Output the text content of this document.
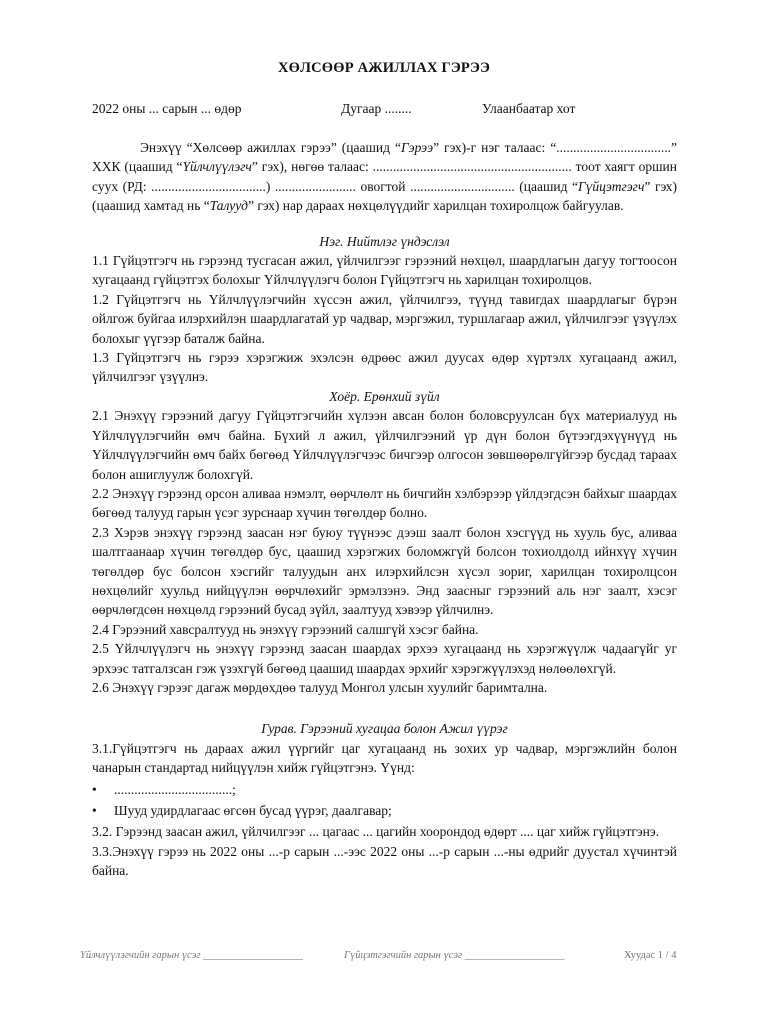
ХӨЛСӨӨР АЖИЛЛАХ ГЭРЭЭ
2022 оны ... сарын ... өдөр	Дугаар ........	Улаанбаатар хот

Энэхүү “Хөлсөөр ажиллах гэрээ” (цаашид “Гэрээ” гэх)-г нэг талаас: “..................................” ХХК (цаашид “Үйлчлүүлэгч” гэх), нөгөө талаас: ........................................................... тоот хаягт оршин суух (РД: ..................................) ........................ овогтой ............................... (цаашид “Гүйцэтгэгч” гэх) (цаашид хамтад нь “Талууд” гэх) нар дараах нөхцөлүүдийг харилцан тохиролцож байгуулав.

Нэг. Нийтлэг үндэслэл

1.1 Гүйцэтгэгч нь гэрээнд тусгасан ажил, үйлчилгээг гэрээний нөхцөл, шаардлагын дагуу тогтоосон хугацаанд гүйцэтгэх болохыг Үйлчлүүлэгч болон Гүйцэтгэгч нь харилцан тохиролцов.

1.2 Гүйцэтгэгч нь Үйлчлүүлэгчийн хүссэн ажил, үйлчилгээ, түүнд тавигдах шаардлагыг бүрэн ойлгож буйгаа илэрхийлэн шаардлагатай ур чадвар, мэргэжил, туршлагаар ажил, үйлчилгээг үзүүлэх болохыг үүгээр баталж байна.

1.3 Гүйцэтгэгч нь гэрээ хэрэгжиж эхэлсэн өдрөөс ажил дуусах өдөр хүртэлх хугацаанд ажил, үйлчилгээг үзүүлнэ.

Хоёр. Ерөнхий зүйл

2.1 Энэхүү гэрээний дагуу Гүйцэтгэгчийн хүлээн авсан болон боловсруулсан бүх материалууд нь Үйлчлүүлэгчийн өмч байна. Бүхий л ажил, үйлчилгээний үр дүн болон бүтээгдэхүүнүүд нь Үйлчлүүлэгчийн өмч байх бөгөөд Үйлчлүүлэгчээс бичгээр олгосон зөвшөөрөлгүйгээр бусдад тараах болон ашиглуулж болохгүй.

2.2 Энэхүү гэрээнд орсон аливаа нэмэлт, өөрчлөлт нь бичгийн хэлбэрээр үйлдэгдсэн байхыг шаардах бөгөөд талууд гарын үсэг зурснаар хүчин төгөлдөр болно.

2.3 Хэрэв энэхүү гэрээнд заасан нэг буюу түүнээс дээш заалт болон хэсгүүд нь хууль бус, аливаа шалтгаанаар хүчин төгөлдөр бус, цаашид хэрэгжих боломжгүй болсон тохиолдолд ийнхүү хүчин төгөлдөр бус болсон хэсгийг талуудын анх илэрхийлсэн хүсэл зориг, харилцан тохиролцсон нөхцөлийг хуульд нийцүүлэн өөрчлөхийг эрмэлзэнэ. Энд заасныг гэрээний аль нэг заалт, хэсэг өөрчлөгдсөн нөхцөлд гэрээний бусад зүйл, заалтууд хэвээр үйлчилнэ.

2.4 Гэрээний хавсралтууд нь энэхүү гэрээний салшгүй хэсэг байна.

2.5 Үйлчлүүлэгч нь энэхүү гэрээнд заасан шаардах эрхээ хугацаанд нь хэрэгжүүлж чадаагүйг уг эрхээс татгалзсан гэж үзэхгүй бөгөөд цаашид шаардах эрхийг хэрэгжүүлэхэд нөлөөлөхгүй.

2.6 Энэхүү гэрээг дагаж мөрдөхдөө талууд Монгол улсын хуулийг баримтална.

Гурав. Гэрээний хугацаа болон Ажил үүрэг

3.1.Гүйцэтгэгч нь дараах ажил үүргийг цаг хугацаанд нь зохих ур чадвар, мэргэжлийн болон чанарын стандартад нийцүүлэн хийж гүйцэтгэнэ. Үүнд:

• ...................................;
• Шууд удирдлагаас өгсөн бусад үүрэг, даалгавар;

3.2. Гэрээнд заасан ажил, үйлчилгээг ... цагаас ... цагийн хоорондод өдөрт .... цаг хийж гүйцэтгэнэ.

3.3.Энэхүү гэрээ нь 2022 оны ...-р сарын ...-ээс 2022 оны ...-р сарын ...-ны өдрийг дуустал хүчинтэй байна.

Үйлчлүүлэгчийн гарын үсэг ___________________	Гүйцэтгэгчийн гарын үсэг ___________________	Хуудас 1 / 4
